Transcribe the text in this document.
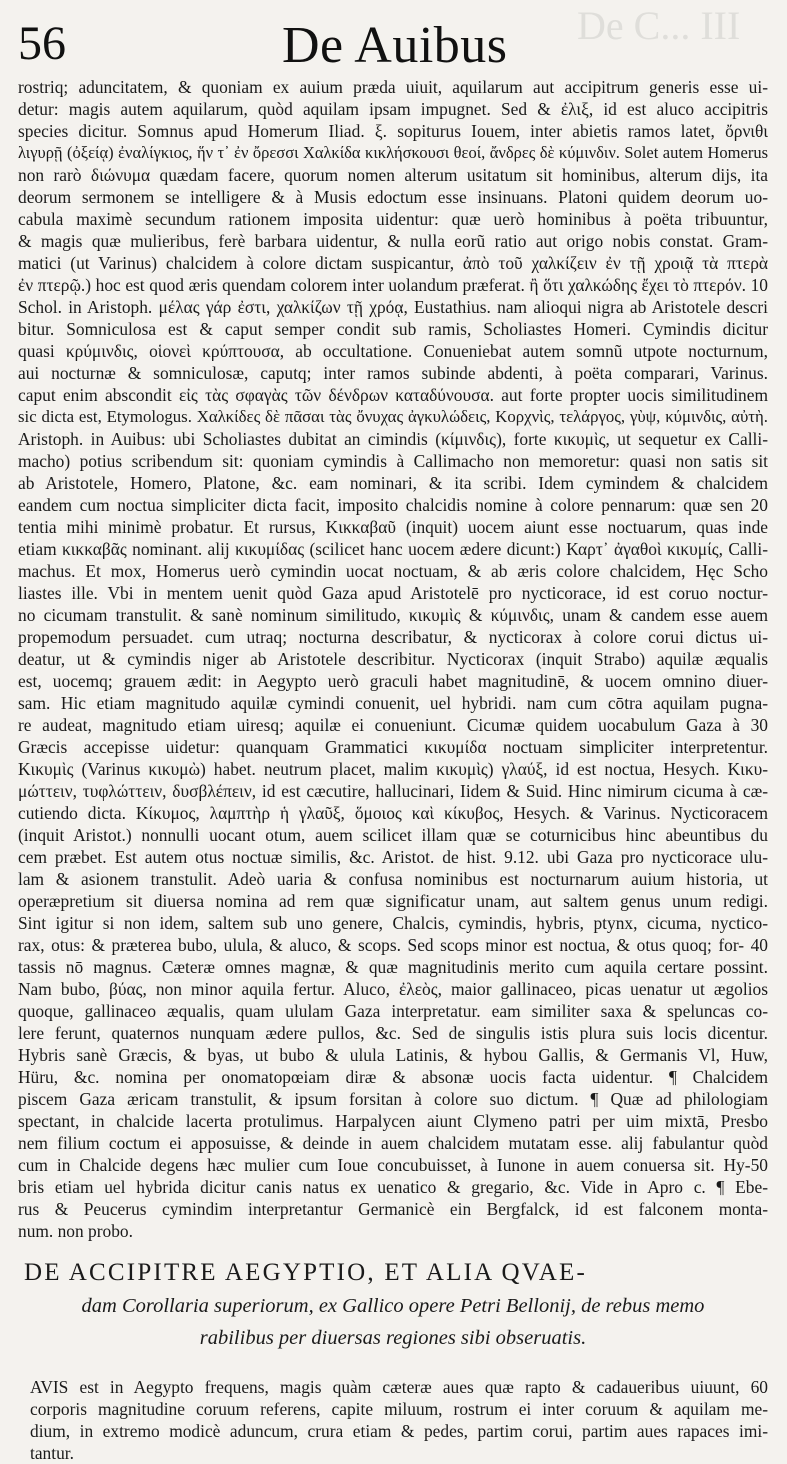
De C... III
56	De Auibus
rostriq; aduncitatem, & quoniam ex auium præda uiuit, aquilarum aut accipitrum generis esse ui-
detur: magis autem aquilarum, quòd aquilam ipsam impugnet. Sed & ἐλιξ, id est aluco accipitris
species dicitur. Somnus apud Homerum Iliad. ξ. sopiturus Iouem, inter abietis ramos latet, ὄρνιθι
λιγυρῇ (ὀξείᾳ) ἐναλίγκιος, ἥν τ᾽ ἐν ὄρεσσι Χαλκίδα κικλήσκουσι θεοί, ἄνδρες δὲ κύμινδιν. Solet autem Homerus
non rarò διώνυμα quædam facere, quorum nomen alterum usitatum sit hominibus, alterum dijs, ita
deorum sermonem se intelligere & à Musis edoctum esse insinuans. Platoni quidem deorum uo-
cabula maximè secundum rationem imposita uidentur: quæ uerò hominibus à poëta tribuuntur,
& magis quæ mulieribus, ferè barbara uidentur, & nulla eorũ ratio aut origo nobis constat. Gram-
matici (ut Varinus) chalcidem à colore dictam suspicantur, ἀπὸ τοῦ χαλκίζειν ἐν τῇ χροιᾷ τὰ πτερὰ
ἐν πτερῷ.) hoc est quod æris quendam colorem inter uolandum præferat. ἢ ὅτι χαλκώδης ἔχει τὸ πτερόν. 10
Schol. in Aristoph. μέλας γάρ ἐστι, χαλκίζων τῇ χρόᾳ, Eustathius. nam alioqui nigra ab Aristotele descri
bitur. Somniculosa est & caput semper condit sub ramis, Scholiastes Homeri. Cymindis dicitur
quasi κρύμινδις, οἱονεὶ κρύπτουσα, ab occultatione. Conueniebat autem somnũ utpote nocturnum,
aui nocturnæ & somniculosæ, caputq; inter ramos subinde abdenti, à poëta comparari, Varinus.
caput enim abscondit εἰς τὰς σφαγὰς τῶν δένδρων καταδύνουσα. aut forte propter uocis similitudinem
sic dicta est, Etymologus. Χαλκίδες δὲ πᾶσαι τὰς ὄνυχας ἀγκυλώδεις, Κορχνὶς, τελάργος, γὺψ, κύμινδις, αὐτὴ.
Aristoph. in Auibus: ubi Scholiastes dubitat an cimindis (κίμινδις), forte κικυμὶς, ut sequetur ex Calli-
macho) potius scribendum sit: quoniam cymindis à Callimacho non memoretur: quasi non satis sit
ab Aristotele, Homero, Platone, &c. eam nominari, & ita scribi. Idem cymindem & chalcidem
eandem cum noctua simpliciter dicta facit, imposito chalcidis nomine à colore pennarum: quæ sen 20
tentia mihi minimè probatur. Et rursus, Κικκαβαῦ (inquit) uocem aiunt esse noctuarum, quas inde
etiam κικκαβᾶς nominant. alij κικυμίδας (scilicet hanc uocem ædere dicunt:) Καρτ᾽ ἀγαθοὶ κικυμίς, Calli-
machus. Et mox, Homerus uerò cymindin uocat noctuam, & ab æris colore chalcidem, Hęc Scho
liastes ille. Vbi in mentem uenit quòd Gaza apud Aristotelē pro nycticorace, id est coruo noctur-
no cicumam transtulit. & sanè nominum similitudo, κικυμὶς & κύμινδις, unam & candem esse auem
propemodum persuadet. cum utraq; nocturna describatur, & nycticorax à colore corui dictus ui-
deatur, ut & cymindis niger ab Aristotele describitur. Nycticorax (inquit Strabo) aquilæ æqualis
est, uocemq; grauem ædit: in Aegypto uerò graculi habet magnitudinē, & uocem omnino diuer-
sam. Hic etiam magnitudo aquilæ cymindi conuenit, uel hybridi. nam cum cōtra aquilam pugna-
re audeat, magnitudo etiam uiresq; aquilæ ei conueniunt. Cicumæ quidem uocabulum Gaza à 30
Græcis accepisse uidetur: quanquam Grammatici κικυμίδα noctuam simpliciter interpretentur.
Κικυμὶς (Varinus κικυμὼ) habet. neutrum placet, malim κικυμὶς) γλαύξ, id est noctua, Hesych. Κικυ-
μώττειν, τυφλώττειν, δυσβλέπειν, id est cæcutire, hallucinari, Iidem & Suid. Hinc nimirum cicuma à cæ-
cutiendo dicta. Κίκυμος, λαμπτὴρ ἡ γλαῦξ, ὅμοιος καὶ κίκυβος, Hesych. & Varinus. Nycticoracem
(inquit Aristot.) nonnulli uocant otum, auem scilicet illam quæ se coturnicibus hinc abeuntibus du
cem præbet. Est autem otus noctuæ similis, &c. Aristot. de hist. 9.12. ubi Gaza pro nycticorace ulu-
lam & asionem transtulit. Adeò uaria & confusa nominibus est nocturnarum auium historia, ut
operæpretium sit diuersa nomina ad rem quæ significatur unam, aut saltem genus unum redigi.
Sint igitur si non idem, saltem sub uno genere, Chalcis, cymindis, hybris, ptynx, cicuma, nyctico-
rax, otus: & præterea bubo, ulula, & aluco, & scops. Sed scops minor est noctua, & otus quoq; for- 40
tassis nō magnus. Cæteræ omnes magnæ, & quæ magnitudinis merito cum aquila certare possint.
Nam bubo, βύας, non minor aquila fertur. Aluco, ἐλεὸς, maior gallinaceo, picas uenatur ut ægolios
quoque, gallinaceo æqualis, quam ululam Gaza interpretatur. eam similiter saxa & speluncas co-
lere ferunt, quaternos nunquam ædere pullos, &c. Sed de singulis istis plura suis locis dicentur.
Hybris sanè Græcis, & byas, ut bubo & ulula Latinis, & hybou Gallis, & Germanis Vl, Huw,
Hüru, &c. nomina per onomatopœiam diræ & absonæ uocis facta uidentur. ¶ Chalcidem
piscem Gaza æricam transtulit, & ipsum forsitan à colore suo dictum. ¶ Quæ ad philologiam
spectant, in chalcide lacerta protulimus. Harpalycen aiunt Clymeno patri per uim mixtā, Presbo
nem filium coctum ei apposuisse, & deinde in auem chalcidem mutatam esse. alij fabulantur quòd
cum in Chalcide degens hæc mulier cum Ioue concubuisset, à Iunone in auem conuersa sit. Hy-50
bris etiam uel hybrida dicitur canis natus ex uenatico & gregario, &c. Vide in Apro c. ¶ Ebe-
rus & Peucerus cymindim interpretantur Germanicè ein Bergfalck, id est falconem monta-
num. non probo.
DE ACCIPITRE AEGYPTIO, ET ALIA QVAE-
dam Corollaria superiorum, ex Gallico opere Petri Bellonij, de rebus memo
rabilibus per diuersas regiones sibi obseruatis.
AVIS est in Aegypto frequens, magis quàm cæteræ aues quæ rapto & cadaueribus uiuunt, 60
corporis magnitudine coruum referens, capite miluum, rostrum ei inter coruum & aquilam me-
dium, in extremo modicè aduncum, crura etiam & pedes, partim corui, partim aues rapaces imi-
tantur.
